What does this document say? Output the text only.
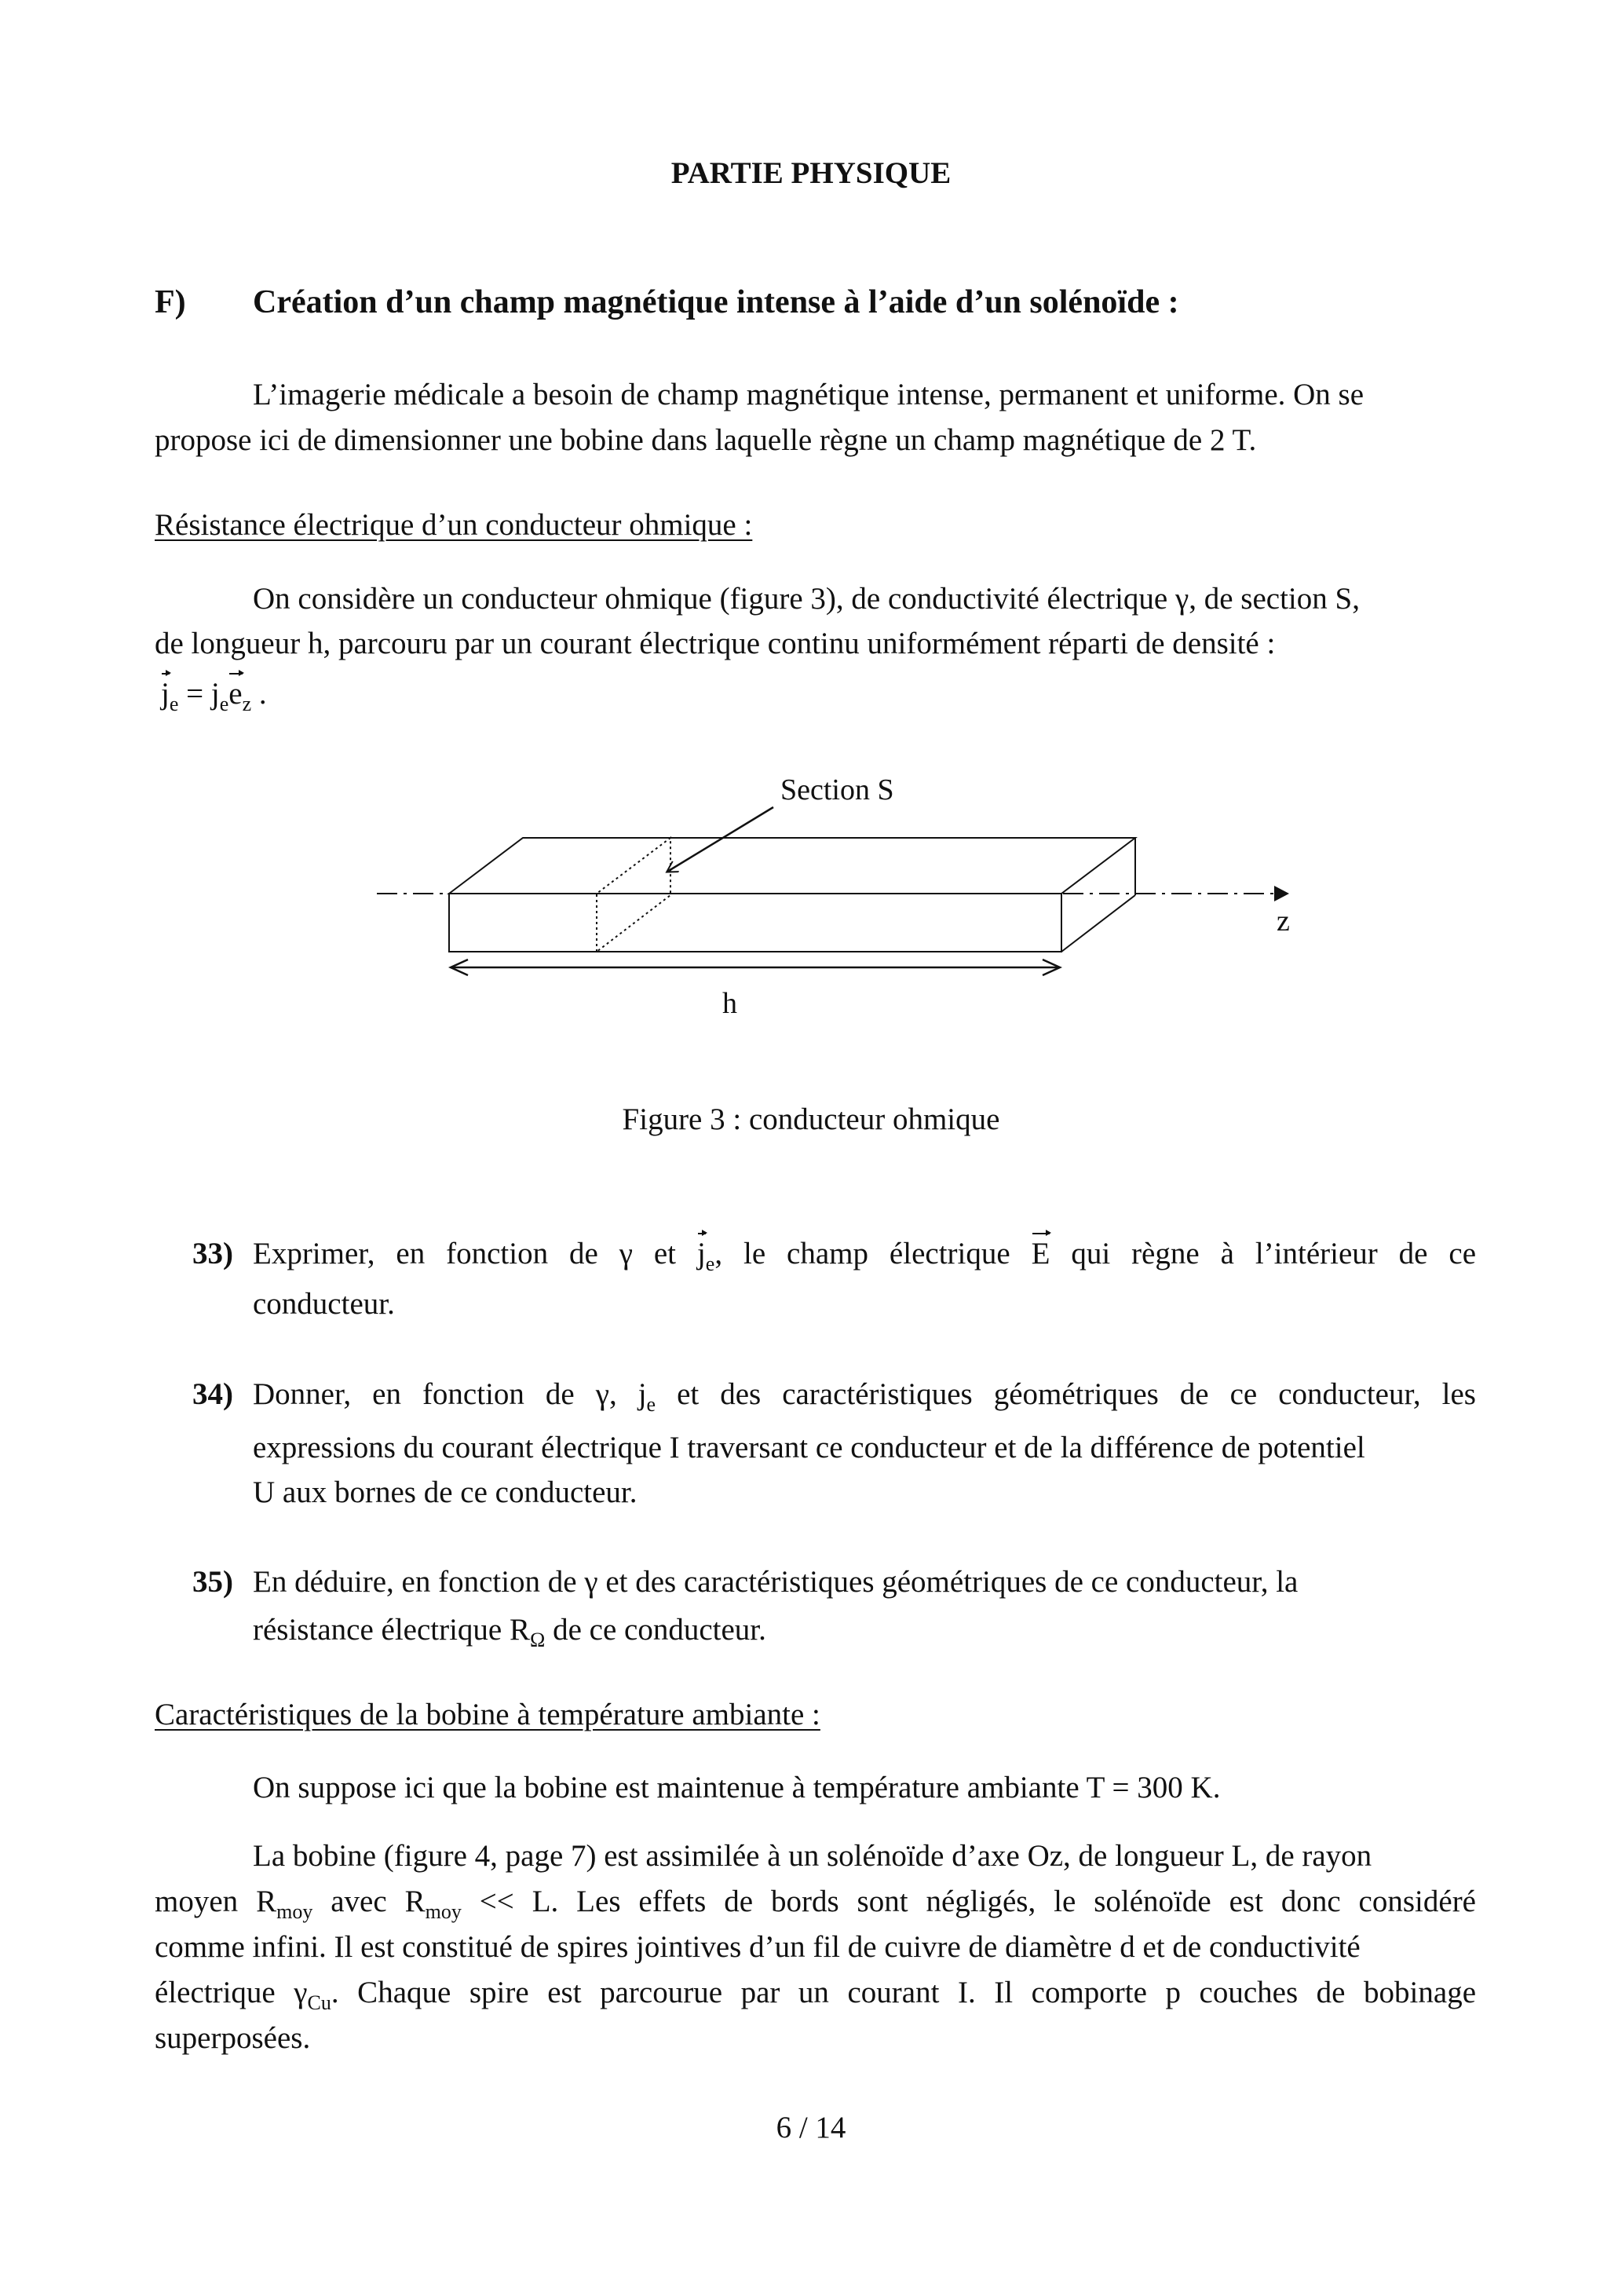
PARTIE PHYSIQUE
F) Création d’un champ magnétique intense à l’aide d’un solénoïde :
L’imagerie médicale a besoin de champ magnétique intense, permanent et uniforme. On se
propose ici de dimensionner une bobine dans laquelle règne un champ magnétique de 2 T.
Résistance électrique d’un conducteur ohmique :
On considère un conducteur ohmique (figure 3), de conductivité électrique γ, de section S,
de longueur h, parcouru par un courant électrique continu uniformément réparti de densité :
$j_e = j_ee_z$ .
Section S
z
h
Figure 3 : conducteur ohmique
33) Exprimer, en fonction de γ et $j_e$, le champ électrique E qui règne à l’intérieur de ce
conducteur.
34) Donner, en fonction de γ, $j_e$ et des caractéristiques géométriques de ce conducteur, les
expressions du courant électrique I traversant ce conducteur et de la différence de potentiel
U aux bornes de ce conducteur.
35) En déduire, en fonction de γ et des caractéristiques géométriques de ce conducteur, la
résistance électrique $R_\Omega$ de ce conducteur.
Caractéristiques de la bobine à température ambiante :
On suppose ici que la bobine est maintenue à température ambiante T = 300 K.
La bobine (figure 4, page 7) est assimilée à un solénoïde d’axe Oz, de longueur L, de rayon
moyen $R_{moy}$ avec $R_{moy} << L$. Les effets de bords sont négligés, le solénoïde est donc considéré
comme infini. Il est constitué de spires jointives d’un fil de cuivre de diamètre d et de conductivité
électrique $\gamma_{Cu}$. Chaque spire est parcourue par un courant I. Il comporte p couches de bobinage
superposées.
6 / 14
